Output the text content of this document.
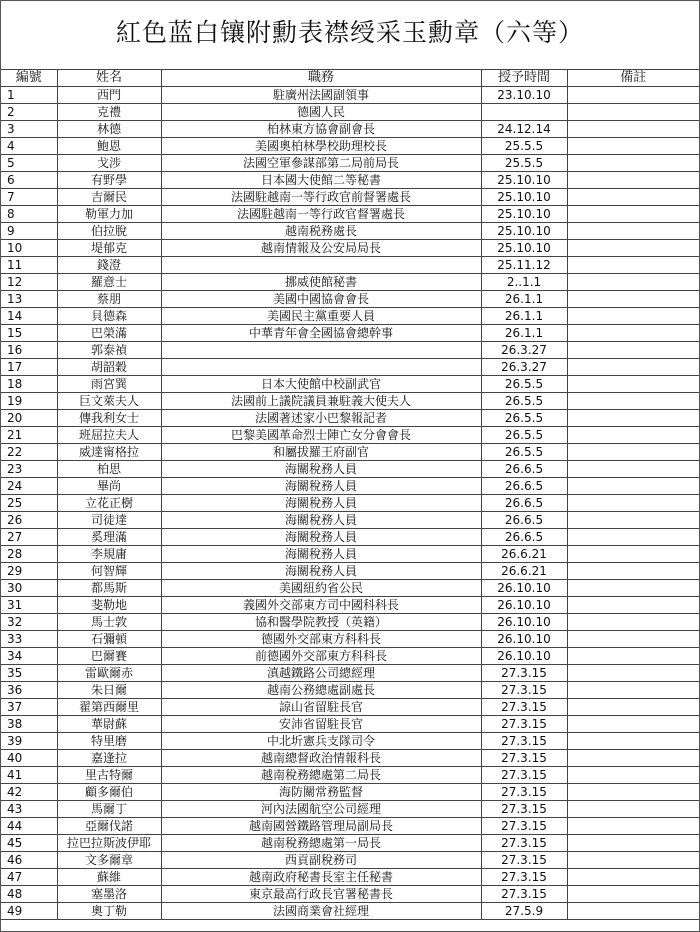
紅色蓝白镶附勳表襟绶采玉勳章（六等）
編號	姓名	職務	授予時間	備註
1	西門	駐廣州法國副領事	23.10.10	
2	克禮	德國人民		
3	林德	柏林東方協會副會長	24.12.14	
4	鮑恩	美國奧柏林學校助理校長	25.5.5	
5	戈涉	法國空軍參謀部第二局前局長	25.5.5	
6	有野學	日本國大使館二等秘書	25.10.10	
7	吉爾民	法國駐越南一等行政官前督署處長	25.10.10	
8	勒軍力加	法國駐越南一等行政官督署處長	25.10.10	
9	伯拉脫	越南税務處長	25.10.10	
10	堤郁克	越南情報及公安局局長	25.10.10	
11	錢澄		25.11.12	
12	羅意士	挪威使館秘書	2..1.1	
13	蔡朋	美國中國協會會長	26.1.1	
14	貝德森	美國民主黨重要人員	26.1.1	
15	巴榮滿	中華青年會全國協會總幹事	26.1.1	
16	郭泰禎		26.3.27	
17	胡韶穀		26.3.27	
18	雨宮巽	日本大使館中校副武官	26.5.5	
19	巨文萊夫人	法國前上議院議員兼駐義大使夫人	26.5.5	
20	傳我利女士	法國著述家小巴黎報記者	26.5.5	
21	班屈拉夫人	巴黎美國革命烈士陣亡女分會會長	26.5.5	
22	威達甯格拉	和屬拔羅王府副官	26.5.5	
23	柏思	海關稅務人員	26.6.5	
24	畢尚	海關稅務人員	26.6.5	
25	立花正樹	海關稅務人員	26.6.5	
26	司徒達	海關稅務人員	26.6.5	
27	奚理滿	海關稅務人員	26.6.5	
28	李規庸	海關稅務人員	26.6.21	
29	何智輝	海關稅務人員	26.6.21	
30	都馬斯	美國紐約省公民	26.10.10	
31	斐勒地	義國外交部東方司中國科科長	26.10.10	
32	馬士敦	協和醫學院教授（英籍）	26.10.10	
33	石彌頓	德國外交部東方科科長	26.10.10	
34	巴爾賽	前德國外交部東方科科長	26.10.10	
35	雷歐爾赤	滇越鐵路公司總經理	27.3.15	
36	朱日爾	越南公務總處副處長	27.3.15	
37	翟第西爾里	諒山省留駐長官	27.3.15	
38	華尉蘇	安沛省留駐長官	27.3.15	
39	特里磨	中北圻憲兵支隊司令	27.3.15	
40	嘉逢拉	越南總督政治情報科長	27.3.15	
41	里古特爾	越南稅務總處第二局長	27.3.15	
42	顧多爾伯	海防關常務監督	27.3.15	
43	馬爾丁	河內法國航空公司經理	27.3.15	
44	亞爾伐諾	越南國營鐵路管理局副局長	27.3.15	
45	拉巴拉斯波伊耶	越南稅務總處第一局長	27.3.15	
46	文多爾章	西貢副稅務司	27.3.15	
47	蘇維	越南政府秘書長室主任秘書	27.3.15	
48	塞墨洛	東京最高行政長官署秘書長	27.3.15	
49	奧丁勒	法國商業會社經理	27.5.9	
